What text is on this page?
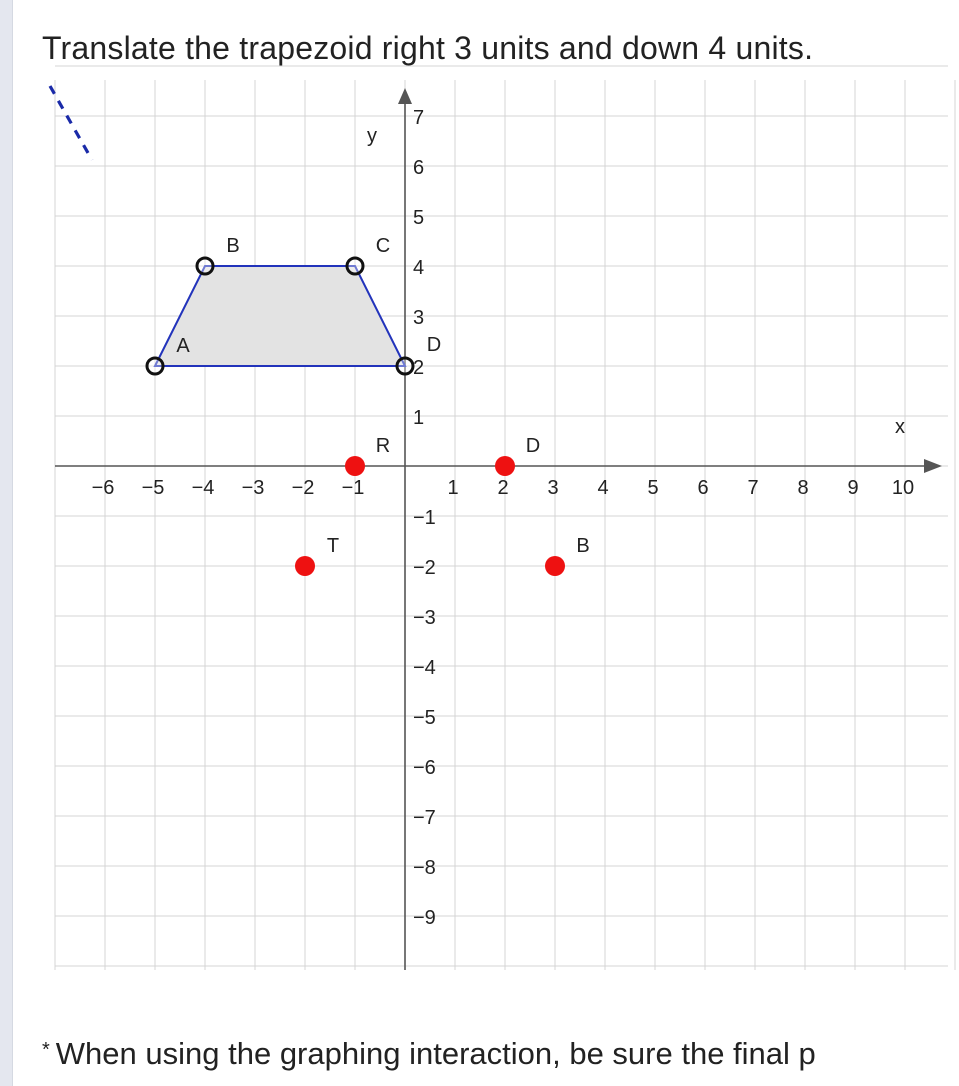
Translate the trapezoid right 3 units and down 4 units.
x
y
−6 −5 −4 −3 −2 −1	1 2 3 4 5 6 7 8 9 10
7
6
5
4
3
2
1
−1
−2
−3
−4
−5
−6
−7
−8
−9
A
B	C
D
R	D
T	B
* When using the graphing interaction, be sure the final p
